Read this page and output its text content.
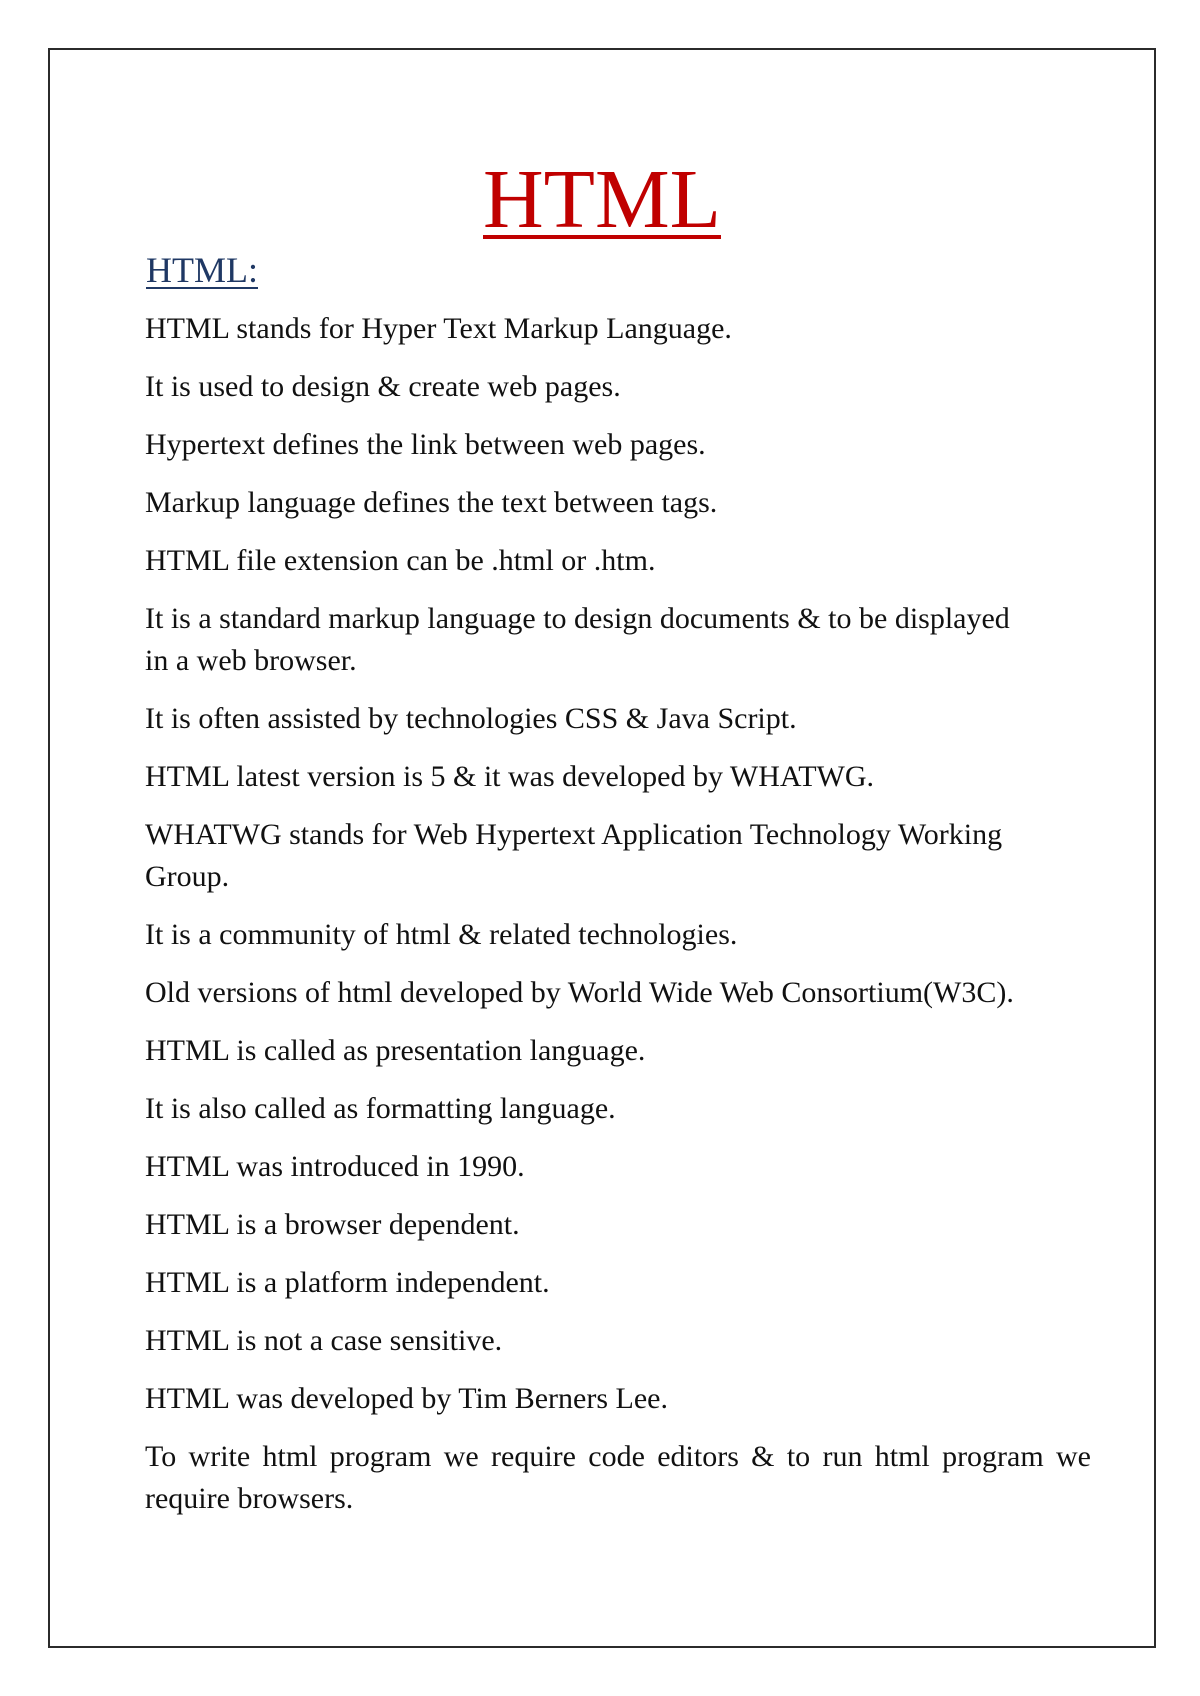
HTML
HTML:
HTML stands for Hyper Text Markup Language.
It is used to design & create web pages.
Hypertext defines the link between web pages.
Markup language defines the text between tags.
HTML file extension can be .html or .htm.
It is a standard markup language to design documents & to be displayed in a web browser.
It is often assisted by technologies CSS & Java Script.
HTML latest version is 5 & it was developed by WHATWG.
WHATWG stands for Web Hypertext Application Technology Working Group.
It is a community of html & related technologies.
Old versions of html developed by World Wide Web Consortium(W3C).
HTML is called as presentation language.
It is also called as formatting language.
HTML was introduced in 1990.
HTML is a browser dependent.
HTML is a platform independent.
HTML is not a case sensitive.
HTML was developed by Tim Berners Lee.
To write html program we require code editors & to run html program we require browsers.
